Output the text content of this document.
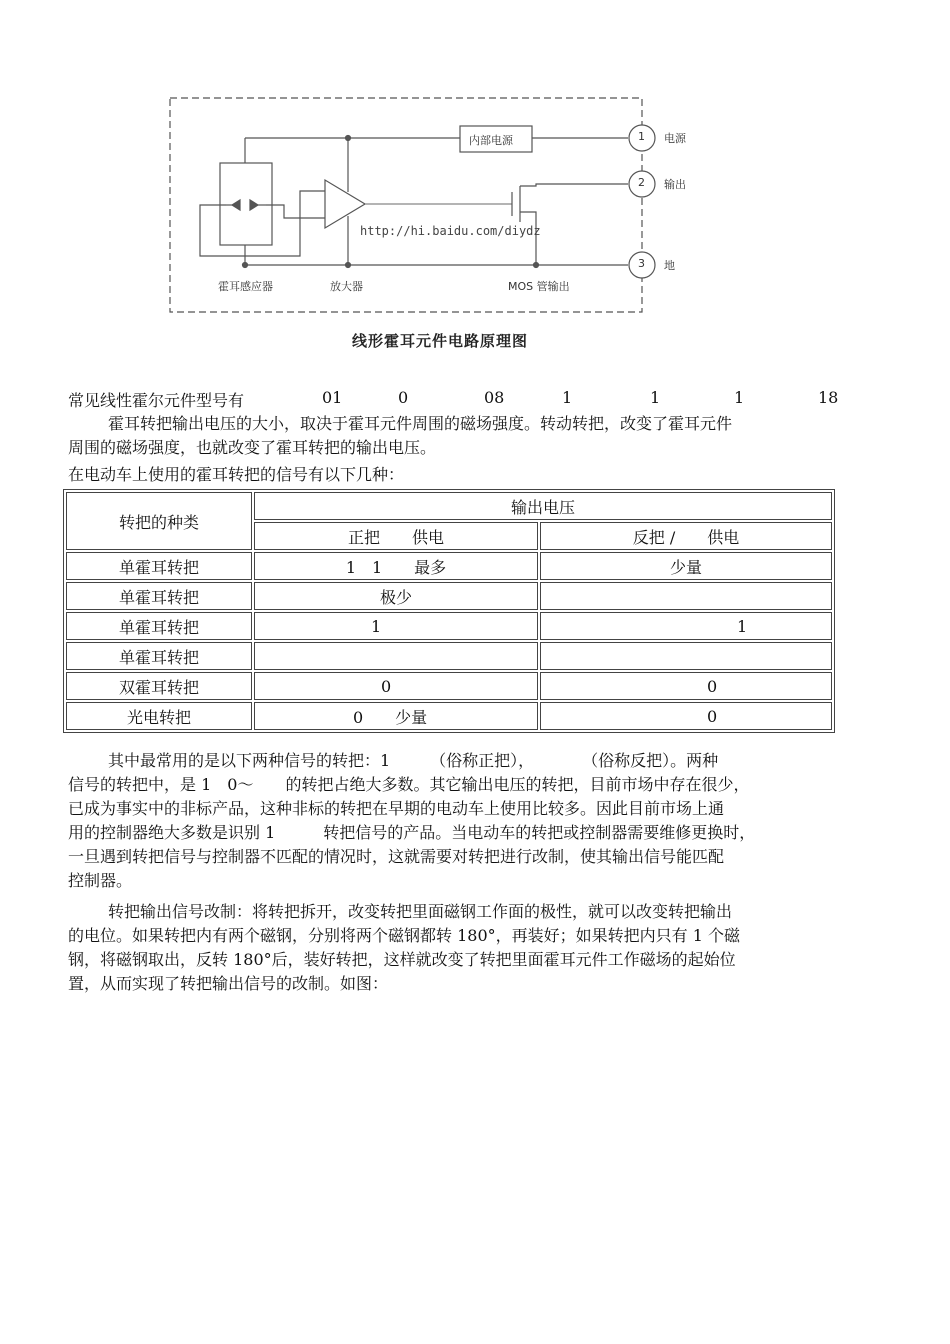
内部电源	1
2
3
电源
输出
地
http://hi.baidu.com/diydz
霍耳感应器	放大器	MOS 管输出
线形霍耳元件电路原理图
常见线性霍尔元件型号有	01	0	08	1	1	1	18
霍耳转把输出电压的大小，取决于霍耳元件周围的磁场强度。转动转把，改变了霍耳元件
周围的磁场强度，也就改变了霍耳转把的输出电压。
在电动车上使用的霍耳转把的信号有以下几种：
转把的种类	输出电压	
	正把　　供电	反把 /　　供电
单霍耳转把	1　1　　最多	少量
单霍耳转把	极少	
单霍耳转把	1	1
单霍耳转把		
双霍耳转把	0	0
光电转把	0　　少量	0
其中最常用的是以下两种信号的转把：1　　　（俗称正把），　　　　（俗称反把）。两种
信号的转把中，是 1　0～　　的转把占绝大多数。其它输出电压的转把，目前市场中存在很少，
已成为事实中的非标产品，这种非标的转把在早期的电动车上使用比较多。因此目前市场上通
用的控制器绝大多数是识别 1　　　转把信号的产品。当电动车的转把或控制器需要维修更换时，
一旦遇到转把信号与控制器不匹配的情况时，这就需要对转把进行改制，使其输出信号能匹配
控制器。
转把输出信号改制：将转把拆开，改变转把里面磁钢工作面的极性，就可以改变转把输出
的电位。如果转把内有两个磁钢，分别将两个磁钢都转 180°，再装好；如果转把内只有 1 个磁
钢，将磁钢取出，反转 180°后，装好转把，这样就改变了转把里面霍耳元件工作磁场的起始位
置，从而实现了转把输出信号的改制。如图：
